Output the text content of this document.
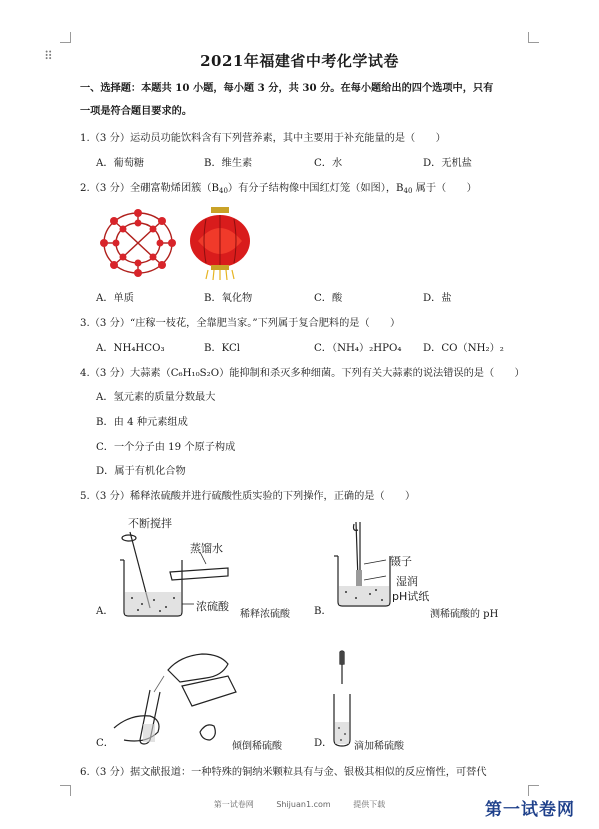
⠿	2021年福建省中考化学试卷
一、选择题：本题共 10 小题，每小题 3 分，共 30 分。在每小题给出的四个选项中，只有
一项是符合题目要求的。
1.（3 分）运动员功能饮料含有下列营养素，其中主要用于补充能量的是（　　）
A．葡萄糖	B．维生素	C．水	D．无机盐
2.（3 分）全硼富勒烯团簇$(B_{40})$有分子结构像中国红灯笼（如图），$B_{40}$ 属于（　　）
A．单质	B．氧化物	C．酸	D．盐
3.（3 分）“庄稼一枝花，全靠肥当家。”下列属于复合肥料的是（　　）
A．NH₄HCO₃	B．KCl	C．（NH₄）₂HPO₄ D．CO（NH₂）₂
4.（3 分）大蒜素（C₆H₁₀S₂O）能抑制和杀灭多种细菌。下列有关大蒜素的说法错误的是（　　）
A．氢元素的质量分数最大
B．由 4 种元素组成
C．一个分子由 19 个原子构成
D．属于有机化合物
5.（3 分）稀释浓硫酸并进行硫酸性质实验的下列操作，正确的是（　　）
不断搅拌
蒸馏水
浓硫酸
A．	稀释浓硫酸
镊子
湿润
pH试纸
B．	测稀硫酸的 pH
C．	倾倒稀硫酸	D． 滴加稀硫酸
6.（3 分）据文献报道：一种特殊的铜纳米颗粒具有与金、银极其相似的反应惰性，可替代
第一试卷网	Shijuan1.com	提供下载	第一试卷网
